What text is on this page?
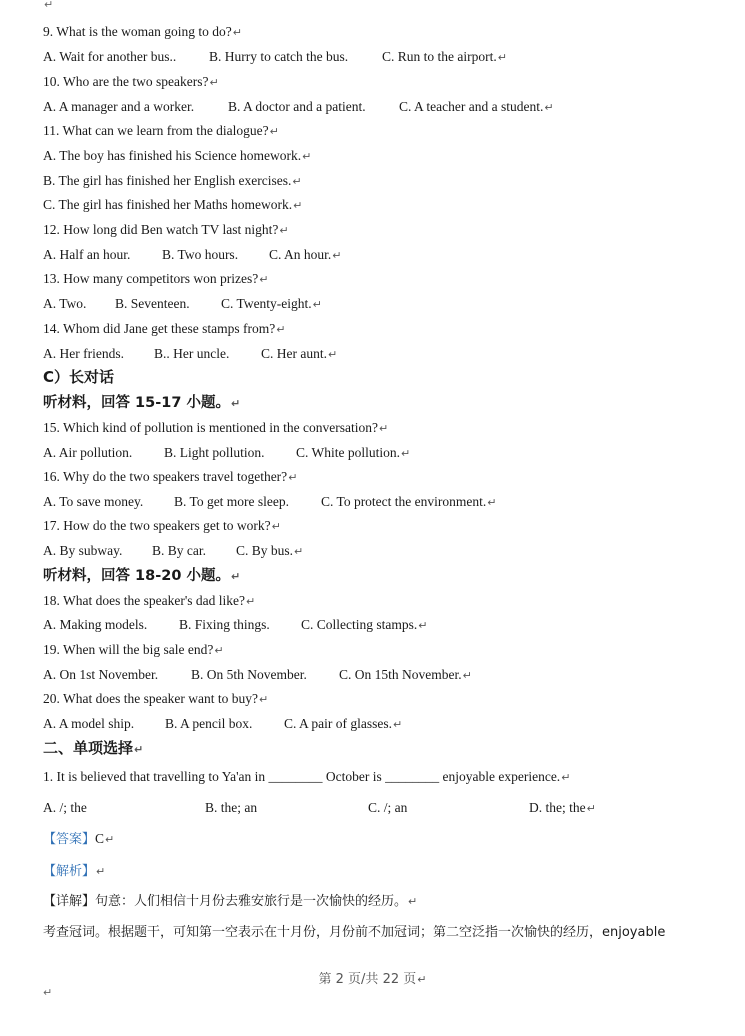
↵
9. What is the woman going to do?↵
A. Wait for another bus.. B. Hurry to catch the bus.	C. Run to the airport.↵
10. Who are the two speakers?↵
A. A manager and a worker.	B. A doctor and a patient. C. A teacher and a student.↵
11. What can we learn from the dialogue?↵
A. The boy has finished his Science homework.↵
B. The girl has finished her English exercises.↵
C. The girl has finished her Maths homework.↵
12. How long did Ben watch TV last night?↵
A. Half an hour. B. Two hours. C. An hour.↵
13. How many competitors won prizes?↵
A. Two. B. Seventeen. C. Twenty-eight.↵
14. Whom did Jane get these stamps from?↵
A. Her friends. B.. Her uncle. C. Her aunt.↵
C）长对话
听材料，回答 15-17 小题。↵
15. Which kind of pollution is mentioned in the conversation?↵
A. Air pollution. B. Light pollution. C. White pollution.↵
16. Why do the two speakers travel together?↵
A. To save money. B. To get more sleep. C. To protect the environment.↵
17. How do the two speakers get to work?↵
A. By subway. B. By car. C. By bus.↵
听材料，回答 18-20 小题。↵
18. What does the speaker's dad like?↵
A. Making models. B. Fixing things. C. Collecting stamps.↵
19. When will the big sale end?↵
A. On 1st November. B. On 5th November. C. On 15th November.↵
20. What does the speaker want to buy?↵
A. A model ship. B. A pencil box. C. A pair of glasses.↵
二、单项选择↵
1. It is believed that travelling to Ya'an in ________ October is ________ enjoyable experience.↵
A. /; the	B. the; an	C. /; an	D. the; the↵
【答案】C↵
【解析】↵
【详解】句意：人们相信十月份去雅安旅行是一次愉快的经历。↵
考查冠词。根据题干，可知第一空表示在十月份，月份前不加冠词；第二空泛指一次愉快的经历，enjoyable
第 2 页/共 22 页↵
↵
